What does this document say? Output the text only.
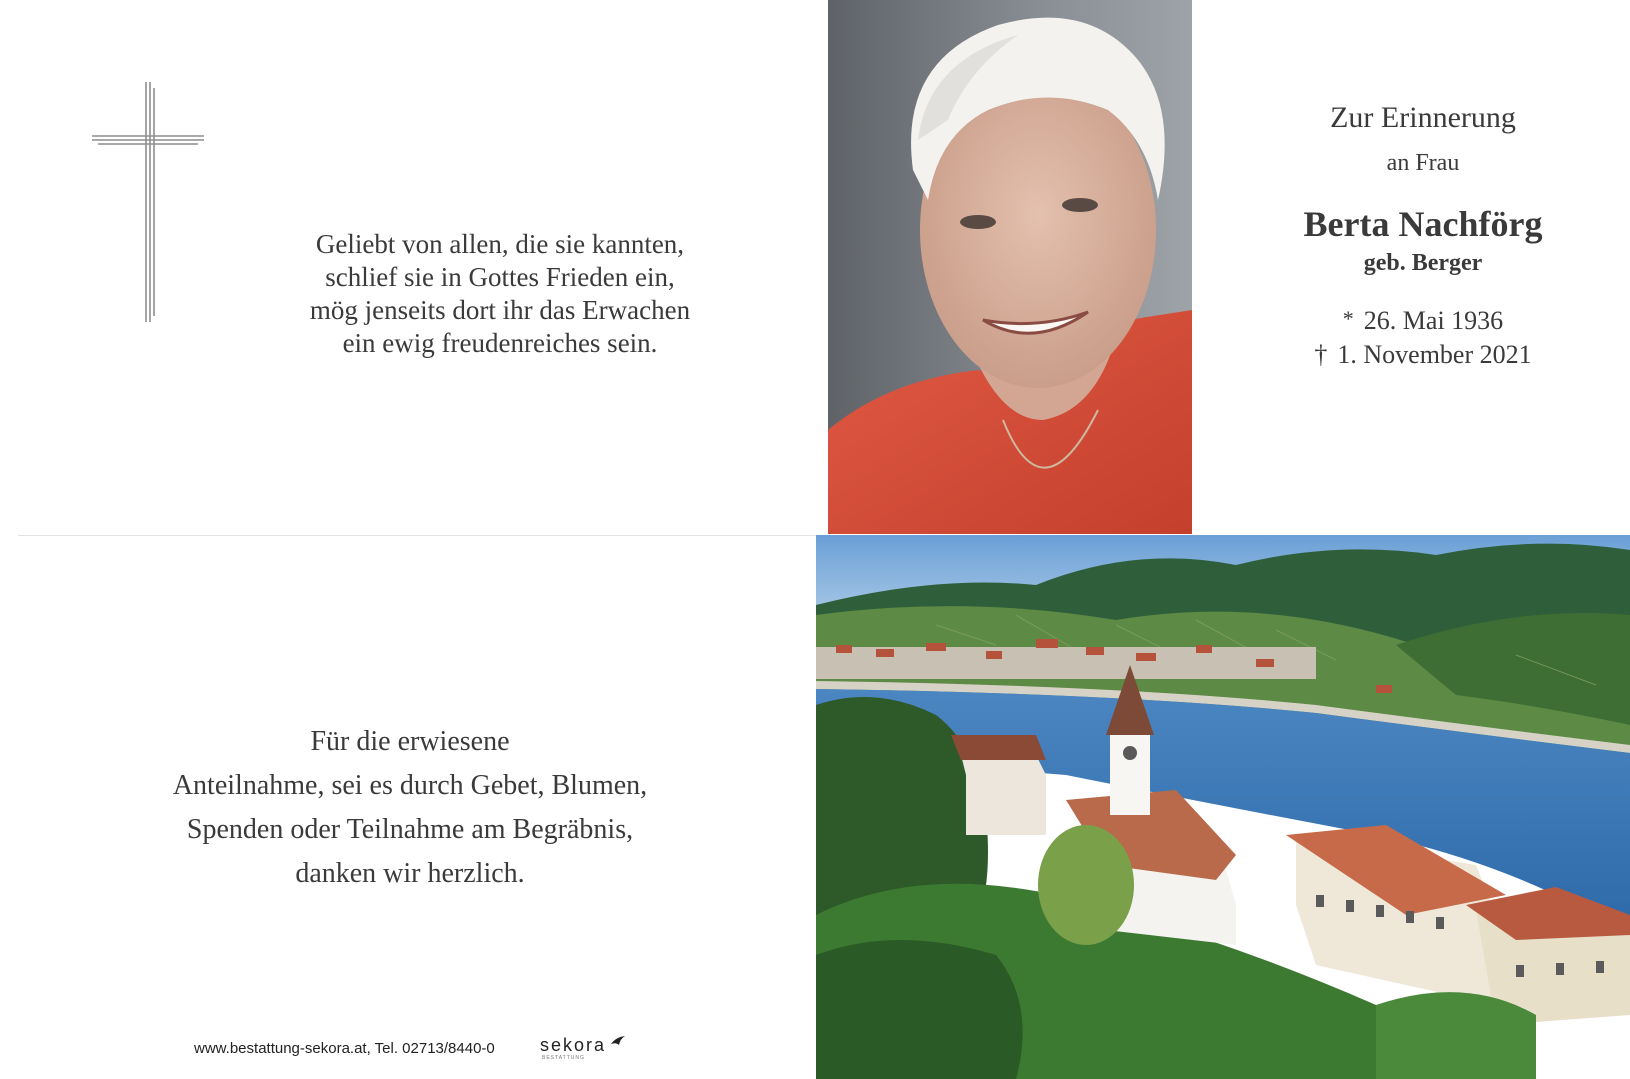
Geliebt von allen, die sie kannten,
schlief sie in Gottes Frieden ein,
mög jenseits dort ihr das Erwachen
ein ewig freudenreiches sein.
Zur Erinnerung
an Frau
Berta Nachförg
geb. Berger
* 26. Mai 1936
† 1. November 2021
Für die erwiesene
Anteilnahme, sei es durch Gebet, Blumen,
Spenden oder Teilnahme am Begräbnis,
danken wir herzlich.
www.bestattung-sekora.at, Tel. 02713/8440-0	sekora
BESTATTUNG
